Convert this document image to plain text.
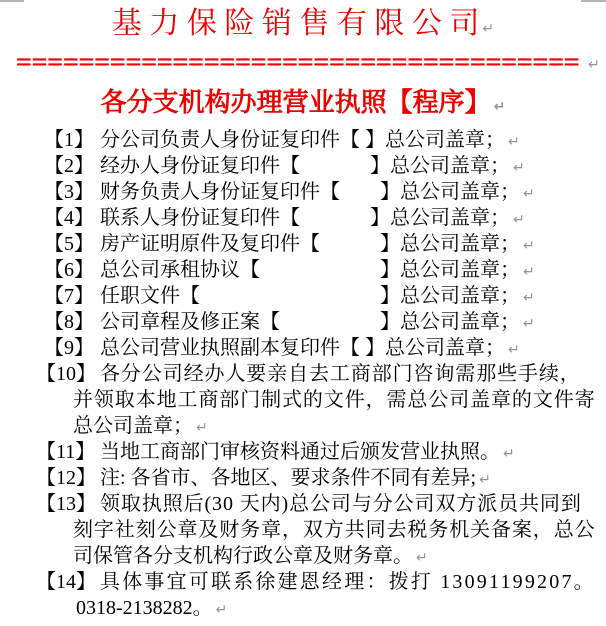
基 力 保 险 销 售 有 限 公 司 ↵
==================================== ↵
各分支机构办理营业执照【程序】 ↵
【1】 分公司负责人身份证复印件【 】总公司盖章； ↵
【2】 经办人身份证复印件【　　　  】总公司盖章； ↵
【3】 财务负责人身份证复印件【　　】总公司盖章； ↵
【4】 联系人身份证复印件【　　　  】总公司盖章； ↵
【5】 房产证明原件及复印件【　　　】总公司盖章； ↵
【6】 总公司承租协议【　　　　　　】总公司盖章； ↵
【7】 任职文件【　　　　　　　　　】总公司盖章； ↵
【8】 公司章程及修正案【　　　　　】总公司盖章； ↵
【9】 总公司营业执照副本复印件【 】总公司盖章； ↵
【10】 各分公司经办人要亲自去工商部门咨询需那些手续，
并领取本地工商部门制式的文件，需总公司盖章的文件寄
总公司盖章； ↵
【11】 当地工商部门审核资料通过后颁发营业执照。 ↵
【12】 注: 各省市、各地区、要求条件不同有差异; ↵
【13】 领取执照后(30 天内)总公司与分公司双方派员共同到
刻字社刻公章及财务章，双方共同去税务机关备案，总公
司保管各分支机构行政公章及财务章。 ↵
【14】 具体事宜可联系徐建恩经理：拨打 13091199207。
0318-2138282。 ↵
